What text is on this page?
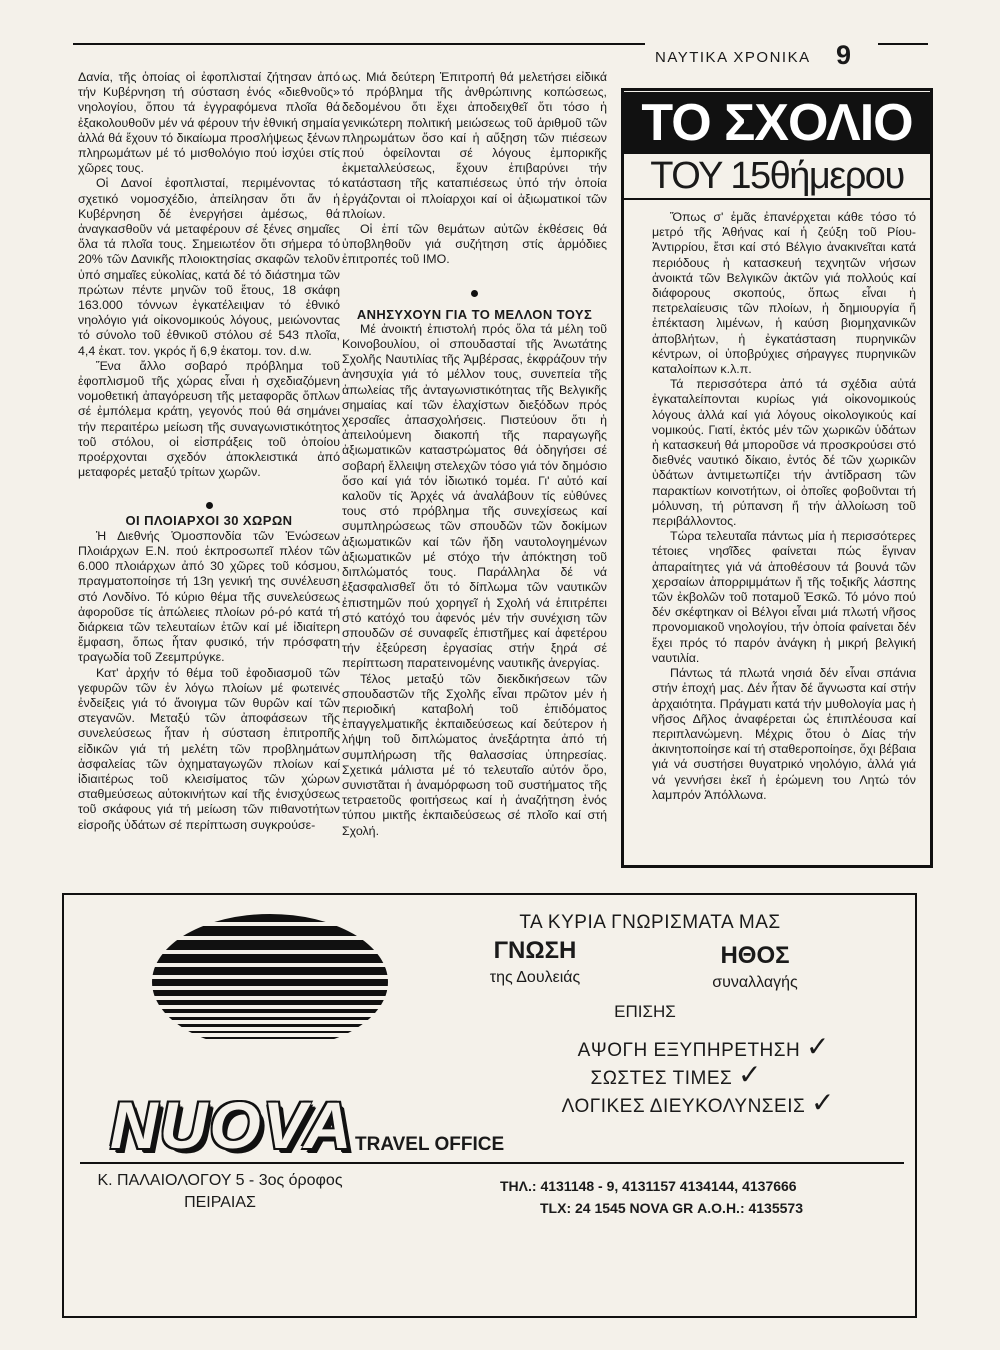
ΝΑΥΤΙΚΑ ΧΡΟΝΙΚΑ 9

Δανία, τῆς ὁποίας οἱ ἐφοπλισταί ζήτησαν ἀπό τήν Κυβέρνηση τή σύσταση ἑνός «διεθνοῦς» νηολογίου, ὅπου τά ἐγγραφόμενα πλοῖα θά ἐξακολουθοῦν μέν νά φέρουν τήν ἐθνική σημαία ἀλλά θά ἔχουν τό δικαίωμα προσλήψεως ξένων πληρωμάτων μέ τό μισθολόγιο πού ἰσχύει στίς χῶρες τους.

Οἱ Δανοί ἐφοπλισταί, περιμένοντας τό σχετικό νομοσχέδιο, ἀπείλησαν ὅτι ἄν ἡ Κυβέρνηση δέ ἐνεργήσει ἀμέσως, θά ἀναγκασθοῦν νά μεταφέρουν σέ ξένες σημαῖες ὅλα τά πλοῖα τους. Σημειωτέον ὅτι σήμερα τό 20% τῶν Δανικῆς πλοιοκτησίας σκαφῶν τελοῦν ὑπό σημαῖες εὐκολίας, κατά δέ τό διάστημα τῶν πρώτων πέντε μηνῶν τοῦ ἔτους, 18 σκάφη 163.000 τόννων ἐγκατέλειψαν τό ἐθνικό νηολόγιο γιά οἰκονομικούς λόγους, μειώνοντας τό σύνολο τοῦ ἐθνικοῦ στόλου σέ 543 πλοῖα, 4,4 ἑκατ. τον. γκρός ἤ 6,9 ἑκατομ. τον. d.w.

Ἕνα ἄλλο σοβαρό πρόβλημα τοῦ ἐφοπλισμοῦ τῆς χώρας εἶναι ἡ σχεδιαζόμενη νομοθετική ἀπαγόρευση τῆς μεταφορᾶς ὅπλων σέ ἐμπόλεμα κράτη, γεγονός πού θά σημάνει τήν περαιτέρω μείωση τῆς συναγωνιστικότητος τοῦ στόλου, οἱ εἰσπράξεις τοῦ ὁποίου προέρχονται σχεδόν ἀποκλειστικά ἀπό μεταφορές μεταξύ τρίτων χωρῶν.

ΟΙ ΠΛΟΙΑΡΧΟΙ 30 ΧΩΡΩΝ

Ἡ Διεθνής Ὁμοσπονδία τῶν Ἑνώσεων Πλοιάρχων Ε.Ν. πού ἐκπροσωπεῖ πλέον τῶν 6.000 πλοιάρχων ἀπό 30 χῶρες τοῦ κόσμου, πραγματοποίησε τή 13η γενική της συνέλευση στό Λονδίνο. Τό κύριο θέμα τῆς συνελεύσεως ἀφοροῦσε τίς ἀπώλειες πλοίων ρό-ρό κατά τή διάρκεια τῶν τελευταίων ἐτῶν καί μέ ἰδιαίτερη ἔμφαση, ὅπως ἦταν φυσικό, τήν πρόσφατη τραγωδία τοῦ Ζεεμπρύγκε.

Κατ' ἀρχήν τό θέμα τοῦ ἐφοδιασμοῦ τῶν γεφυρῶν τῶν ἐν λόγω πλοίων μέ φωτεινές ἐνδείξεις γιά τό ἄνοιγμα τῶν θυρῶν καί τῶν στεγανῶν. Μεταξύ τῶν ἀποφάσεων τῆς συνελεύσεως ἦταν ἡ σύσταση ἐπιτροπῆς εἰδικῶν γιά τή μελέτη τῶν προβλημάτων ἀσφαλείας τῶν ὀχηματαγωγῶν πλοίων καί ἰδιαιτέρως τοῦ κλεισίματος τῶν χώρων σταθμεύσεως αὐτοκινήτων καί τῆς ἐνισχύσεως τοῦ σκάφους γιά τή μείωση τῶν πιθανοτήτων εἰσροῆς ὑδάτων σέ περίπτωση συγκρούσε-

ως. Μιά δεύτερη Ἐπιτροπή θά μελετήσει εἰδικά τό πρόβλημα τῆς ἀνθρώπινης κοπώσεως, δεδομένου ὅτι ἔχει ἀποδειχθεῖ ὅτι τόσο ἡ γενικώτερη πολιτική μειώσεως τοῦ ἀριθμοῦ τῶν πληρωμάτων ὅσο καί ἡ αὔξηση τῶν πιέσεων πού ὀφείλονται σέ λόγους ἐμπορικῆς ἐκμεταλλεύσεως, ἔχουν ἐπιβαρύνει τήν κατάσταση τῆς καταπιέσεως ὑπό τήν ὁποία ἐργάζονται οἱ πλοίαρχοι καί οἱ ἀξιωματικοί τῶν πλοίων.

Οἱ ἐπί τῶν θεμάτων αὐτῶν ἐκθέσεις θά ὑποβληθοῦν γιά συζήτηση στίς ἁρμόδιες ἐπιτροπές τοῦ ΙΜΟ.

ΑΝΗΣΥΧΟΥΝ ΓΙΑ ΤΟ ΜΕΛΛΟΝ ΤΟΥΣ

Μέ ἀνοικτή ἐπιστολή πρός ὅλα τά μέλη τοῦ Κοινοβουλίου, οἱ σπουδασταί τῆς Ἀνωτάτης Σχολῆς Ναυτιλίας τῆς Ἀμβέρσας, ἐκφράζουν τήν ἀνησυχία γιά τό μέλλον τους, συνεπεία τῆς ἀπωλείας τῆς ἀνταγωνιστικότητας τῆς Βελγικῆς σημαίας καί τῶν ἐλαχίστων διεξόδων πρός χερσαῖες ἀπασχολήσεις. Πιστεύουν ὅτι ἡ ἀπειλούμενη διακοπή τῆς παραγωγῆς ἀξιωματικῶν καταστρώματος θά ὁδηγήσει σέ σοβαρή ἔλλειψη στελεχῶν τόσο γιά τόν δημόσιο ὅσο καί γιά τόν ἰδιωτικό τομέα. Γι' αὐτό καί καλοῦν τίς Ἀρχές νά ἀναλάβουν τίς εὐθύνες τους στό πρόβλημα τῆς συνεχίσεως καί συμπληρώσεως τῶν σπουδῶν τῶν δοκίμων ἀξιωματικῶν καί τῶν ἤδη ναυτολογημένων ἀξιωματικῶν μέ στόχο τήν ἀπόκτηση τοῦ διπλώματός τους. Παράλληλα δέ νά ἐξασφαλισθεῖ ὅτι τό δίπλωμα τῶν ναυτικῶν ἐπιστημῶν πού χορηγεῖ ἡ Σχολή νά ἐπιτρέπει στό κατόχό του ἀφενός μέν τήν συνέχιση τῶν σπουδῶν σέ συναφεῖς ἐπιστῆμες καί ἀφετέρου τήν ἐξεύρεση ἐργασίας στήν ξηρά σέ περίπτωση παρατεινομένης ναυτικῆς ἀνεργίας.

Τέλος μεταξύ τῶν διεκδικήσεων τῶν σπουδαστῶν τῆς Σχολῆς εἶναι πρῶτον μέν ἡ περιοδική καταβολή τοῦ ἐπιδόματος ἐπαγγελματικῆς ἐκπαιδεύσεως καί δεύτερον ἡ λήψη τοῦ διπλώματος ἀνεξάρτητα ἀπό τή συμπλήρωση τῆς θαλασσίας ὑπηρεσίας. Σχετικά μάλιστα μέ τό τελευταῖο αὐτόν ὅρο, συνιστᾶται ἡ ἀναμόρφωση τοῦ συστήματος τῆς τετραετοῦς φοιτήσεως καί ἡ ἀναζήτηση ἑνός τύπου μικτῆς ἐκπαιδεύσεως σέ πλοῖο καί στή Σχολή.

ΤΟ ΣΧΟΛΙΟ
ΤΟΥ 15θήμερου

Ὅπως σ' ἐμᾶς ἐπανέρχεται κάθε τόσο τό μετρό τῆς Ἀθήνας καί ἡ ζεύξη τοῦ Ρίου-Ἀντιρρίου, ἔτσι καί στό Βέλγιο ἀνακινεῖται κατά περιόδους ἡ κατασκευή τεχνητῶν νήσων ἀνοικτά τῶν Βελγικῶν ἀκτῶν γιά πολλούς καί διάφορους σκοπούς, ὅπως εἶναι ἡ πετρελαίευσις τῶν πλοίων, ἡ δημιουργία ἤ ἐπέκταση λιμένων, ἡ καύση βιομηχανικῶν ἀποβλήτων, ἡ ἐγκατάσταση πυρηνικῶν κέντρων, οἱ ὑποβρύχιες σήραγγες πυρηνικῶν καταλοίπων κ.λ.π.

Τά περισσότερα ἀπό τά σχέδια αὐτά ἐγκαταλείπονται κυρίως γιά οἰκονομικούς λόγους ἀλλά καί γιά λόγους οἰκολογικούς καί νομικούς. Γιατί, ἐκτός μέν τῶν χωρικῶν ὑδάτων ἡ κατασκευή θά μποροῦσε νά προσκρούσει στό διεθνές ναυτικό δίκαιο, ἐντός δέ τῶν χωρικῶν ὑδάτων ἀντιμετωπίζει τήν ἀντίδραση τῶν παρακτίων κοινοτήτων, οἱ ὁποῖες φοβοῦνται τή μόλυνση, τή ρύπανση ἤ τήν ἀλλοίωση τοῦ περιβάλλοντος.

Τώρα τελευταῖα πάντως μία ἡ περισσότερες τέτοιες νησῖδες φαίνεται πώς ἔγιναν ἀπαραίτητες γιά νά ἀποθέσουν τά βουνά τῶν χερσαίων ἀπορριμμάτων ἤ τῆς τοξικῆς λάσπης τῶν ἐκβολῶν τοῦ ποταμοῦ Ἐσκῶ. Τό μόνο πού δέν σκέφτηκαν οἱ Βέλγοι εἶναι μιά πλωτή νῆσος προνομιακοῦ νηολογίου, τήν ὁποία φαίνεται δέν ἔχει πρός τό παρόν ἀνάγκη ἡ μικρή βελγική ναυτιλία.

Πάντως τά πλωτά νησιά δέν εἶναι σπάνια στήν ἐποχή μας. Δέν ἦταν δέ ἄγνωστα καί στήν ἀρχαιότητα. Πράγματι κατά τήν μυθολογία μας ἡ νῆσος Δῆλος ἀναφέρεται ὡς ἐπιπλέουσα καί περιπλανώμενη. Μέχρις ὅτου ὁ Δίας τήν ἀκινητοποίησε καί τή σταθεροποίησε, ὅχι βέβαια γιά νά συστήσει θυγατρικό νηολόγιο, ἀλλά γιά νά γεννήσει ἐκεῖ ἡ ἐρώμενη του Λητώ τόν λαμπρόν Ἀπόλλωνα.

NUOVA TRAVEL OFFICE
ΤΑ ΚΥΡΙΑ ΓΝΩΡΙΣΜΑΤΑ ΜΑΣ
ΓΝΩΣΗ
της Δουλειάς
ΗΘΟΣ
συναλλαγής
ΕΠΙΣΗΣ
ΑΨΟΓΗ ΕΞΥΠΗΡΕΤΗΣΗ ✓
ΣΩΣΤΕΣ ΤΙΜΕΣ ✓
ΛΟΓΙΚΕΣ ΔΙΕΥΚΟΛΥΝΣΕΙΣ ✓
Κ. ΠΑΛΑΙΟΛΟΓΟΥ 5 - 3ος όροφος
ΠΕΙΡΑΙΑΣ
ΤΗΛ.: 4131148 - 9, 4131157 4134144, 4137666
TLX: 24 1545 NOVA GR Α.Ο.Η.: 4135573
